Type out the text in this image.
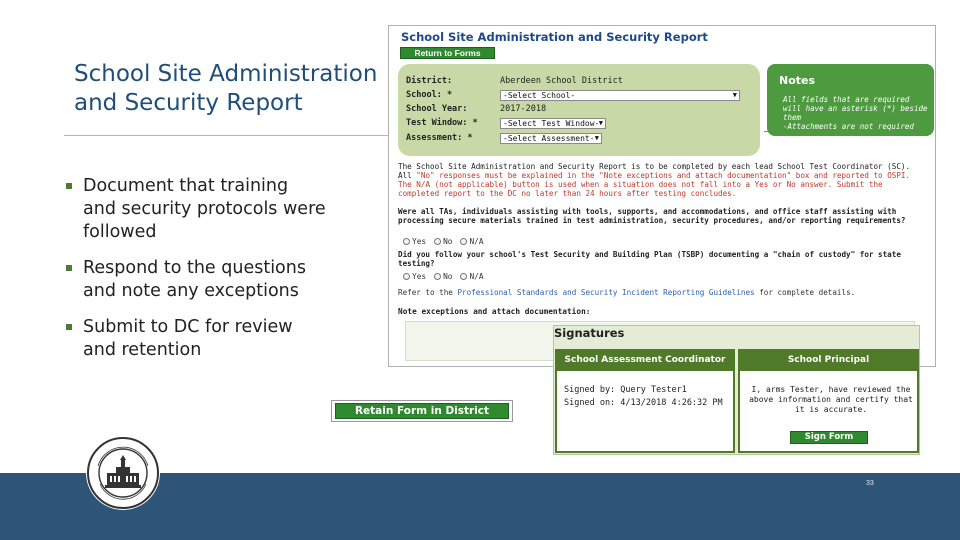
School Site Administration and Security Report
Document that training and security protocols were followed
Respond to the questions and note any exceptions
Submit to DC for review and retention
School Site Administration and Security Report
Return to Forms
District:	Aberdeen School District
School: *	-Select School-	▼
School Year:	2017-2018
Test Window: *	-Select Test Window- ▼
Assessment: *	-Select Assessment- ▼
Notes
All fields that are required will have an asterisk (*) beside them
-Attachments are not required
The School Site Administration and Security Report is to be completed by each lead School Test Coordinator (SC). All "No" responses must be explained in the "Note exceptions and attach documentation" box and reported to OSPI. The N/A (not applicable) button is used when a situation does not fall into a Yes or No answer. Submit the completed report to the DC no later than 24 hours after testing concludes.
Were all TAs, individuals assisting with tools, supports, and accommodations, and office staff assisting with processing secure materials trained in test administration, security procedures, and/or reporting requirements?
Yes No N/A
Did you follow your school's Test Security and Building Plan (TSBP) documenting a "chain of custody" for state testing?
Yes No N/A
Refer to the Professional Standards and Security Incident Reporting Guidelines for complete details.
Note exceptions and attach documentation:
Retain Form in District
Signatures
School Assessment Coordinator
Signed by: Query Tester1
Signed on: 4/13/2018 4:26:32 PM
School Principal
I, arms Tester, have reviewed the above information and certify that it is accurate.
Sign Form
33
